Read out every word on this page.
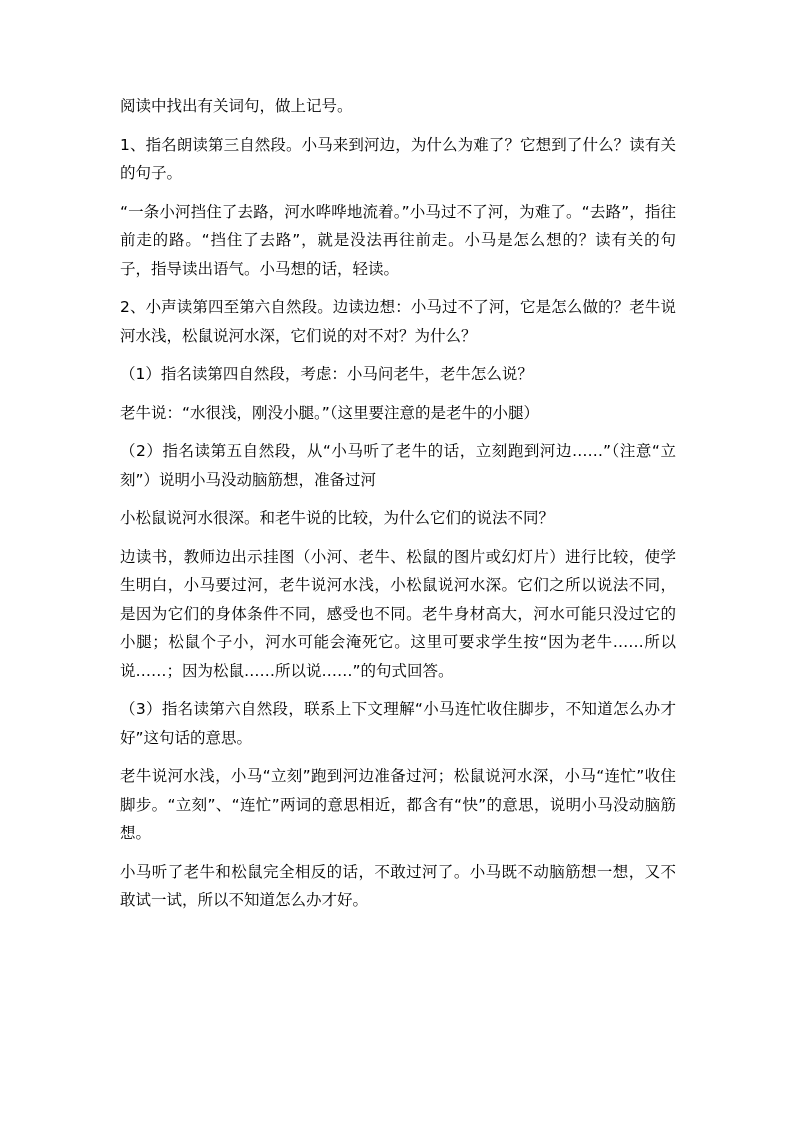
阅读中找出有关词句，做上记号。

1、指名朗读第三自然段。小马来到河边，为什么为难了？它想到了什么？读有关的句子。

“一条小河挡住了去路，河水哗哗地流着。”小马过不了河，为难了。“去路”，指往前走的路。“挡住了去路”，就是没法再往前走。小马是怎么想的？读有关的句子，指导读出语气。小马想的话，轻读。

2、小声读第四至第六自然段。边读边想：小马过不了河，它是怎么做的？老牛说河水浅，松鼠说河水深，它们说的对不对？为什么？

（1）指名读第四自然段，考虑：小马问老牛，老牛怎么说？

老牛说：“水很浅，刚没小腿。”（这里要注意的是老牛的小腿）

（2）指名读第五自然段，从“小马听了老牛的话，立刻跑到河边……”（注意“立刻”）说明小马没动脑筋想，准备过河

小松鼠说河水很深。和老牛说的比较，为什么它们的说法不同？

边读书，教师边出示挂图（小河、老牛、松鼠的图片或幻灯片）进行比较，使学生明白，小马要过河，老牛说河水浅，小松鼠说河水深。它们之所以说法不同，是因为它们的身体条件不同，感受也不同。老牛身材高大，河水可能只没过它的小腿；松鼠个子小，河水可能会淹死它。这里可要求学生按“因为老牛……所以说……；因为松鼠……所以说……”的句式回答。

（3）指名读第六自然段，联系上下文理解“小马连忙收住脚步，不知道怎么办才好”这句话的意思。

老牛说河水浅，小马“立刻”跑到河边准备过河；松鼠说河水深，小马“连忙”收住脚步。“立刻”、“连忙”两词的意思相近，都含有“快”的意思，说明小马没动脑筋想。

小马听了老牛和松鼠完全相反的话，不敢过河了。小马既不动脑筋想一想，又不敢试一试，所以不知道怎么办才好。
